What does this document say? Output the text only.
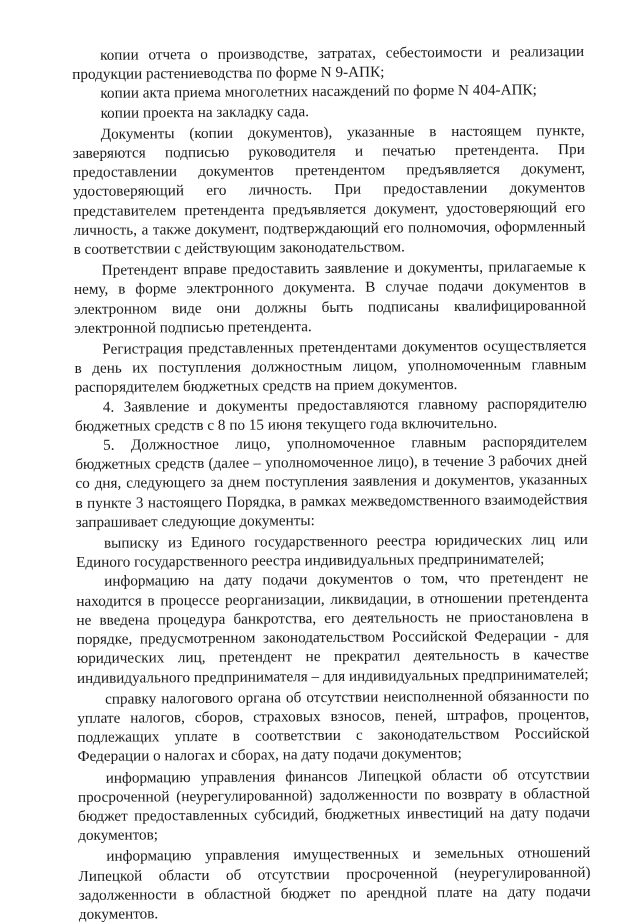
копии отчета о производстве, затратах, себестоимости и реализации продукции растениеводства по форме N 9-АПК;

копии акта приема многолетних насаждений по форме N 404-АПК;

копии проекта на закладку сада.

Документы (копии документов), указанные в настоящем пункте, заверяются подписью руководителя и печатью претендента. При предоставлении документов претендентом предъявляется документ, удостоверяющий его личность. При предоставлении документов представителем претендента предъявляется документ, удостоверяющий его личность, а также документ, подтверждающий его полномочия, оформленный в соответствии с действующим законодательством.

Претендент вправе предоставить заявление и документы, прилагаемые к нему, в форме электронного документа. В случае подачи документов в электронном виде они должны быть подписаны квалифицированной электронной подписью претендента.

Регистрация представленных претендентами документов осуществляется в день их поступления должностным лицом, уполномоченным главным распорядителем бюджетных средств на прием документов.

4. Заявление и документы предоставляются главному распорядителю бюджетных средств с 8 по 15 июня текущего года включительно.

5. Должностное лицо, уполномоченное главным распорядителем бюджетных средств (далее – уполномоченное лицо), в течение 3 рабочих дней со дня, следующего за днем поступления заявления и документов, указанных в пункте 3 настоящего Порядка, в рамках межведомственного взаимодействия запрашивает следующие документы:

выписку из Единого государственного реестра юридических лиц или Единого государственного реестра индивидуальных предпринимателей;

информацию на дату подачи документов о том, что претендент не находится в процессе реорганизации, ликвидации, в отношении претендента не введена процедура банкротства, его деятельность не приостановлена в порядке, предусмотренном законодательством Российской Федерации - для юридических лиц, претендент не прекратил деятельность в качестве индивидуального предпринимателя – для индивидуальных предпринимателей;

справку налогового органа об отсутствии неисполненной обязанности по уплате налогов, сборов, страховых взносов, пеней, штрафов, процентов, подлежащих уплате в соответствии с законодательством Российской Федерации о налогах и сборах, на дату подачи документов;

информацию управления финансов Липецкой области об отсутствии просроченной (неурегулированной) задолженности по возврату в областной бюджет предоставленных субсидий, бюджетных инвестиций на дату подачи документов;

информацию управления имущественных и земельных отношений Липецкой области об отсутствии просроченной (неурегулированной) задолженности в областной бюджет по арендной плате на дату подачи документов.
